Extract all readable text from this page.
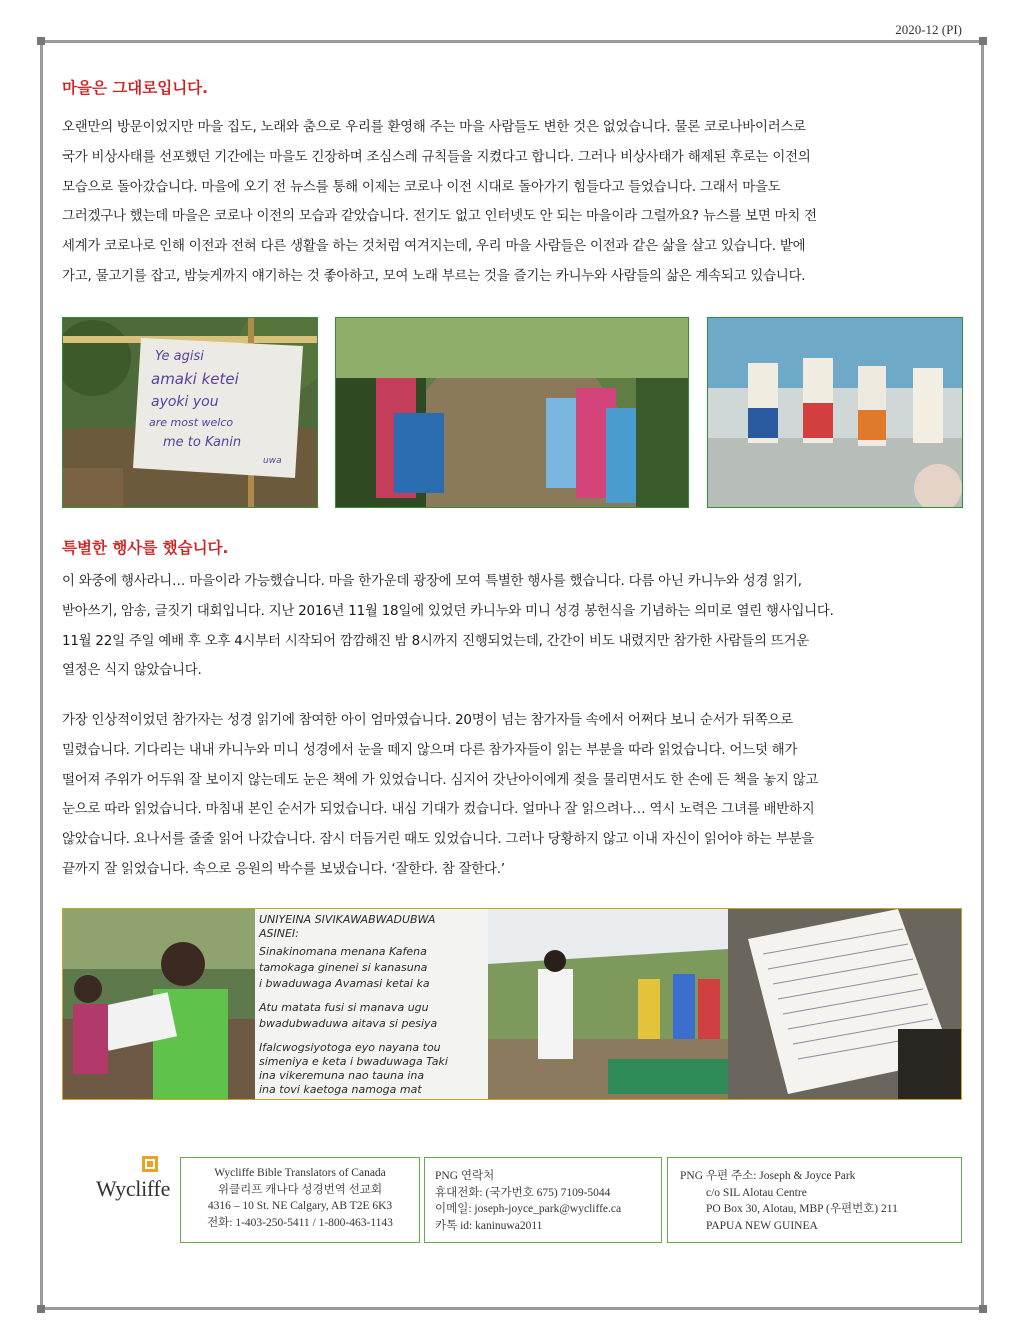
2020-12 (PI)
마을은 그대로입니다.
오랜만의 방문이었지만 마을 집도, 노래와 춤으로 우리를 환영해 주는 마을 사람들도 변한 것은 없었습니다. 물론 코로나바이러스로
국가 비상사태를 선포했던 기간에는 마을도 긴장하며 조심스레 규칙들을 지켰다고 합니다. 그러나 비상사태가 해제된 후로는 이전의
모습으로 돌아갔습니다. 마을에 오기 전 뉴스를 통해 이제는 코로나 이전 시대로 돌아가기 힘들다고 들었습니다. 그래서 마을도
그러겠구나 했는데 마을은 코로나 이전의 모습과 같았습니다. 전기도 없고 인터넷도 안 되는 마을이라 그럴까요? 뉴스를 보면 마치 전
세계가 코로나로 인해 이전과 전혀 다른 생활을 하는 것처럼 여겨지는데, 우리 마을 사람들은 이전과 같은 삶을 살고 있습니다. 밭에
가고, 물고기를 잡고, 밤늦게까지 얘기하는 것 좋아하고, 모여 노래 부르는 것을 즐기는 카니누와 사람들의 삶은 계속되고 있습니다.
Ye agisi
amaki ketei
ayoki you
are most welco
me to Kanin
uwa
특별한 행사를 했습니다.
이 와중에 행사라니… 마을이라 가능했습니다. 마을 한가운데 광장에 모여 특별한 행사를 했습니다. 다름 아닌 카니누와 성경 읽기,
받아쓰기, 암송, 글짓기 대회입니다. 지난 2016년 11월 18일에 있었던 카니누와 미니 성경 봉헌식을 기념하는 의미로 열린 행사입니다.
11월 22일 주일 예배 후 오후 4시부터 시작되어 깜깜해진 밤 8시까지 진행되었는데, 간간이 비도 내렸지만 참가한 사람들의 뜨거운
열정은 식지 않았습니다.
가장 인상적이었던 참가자는 성경 읽기에 참여한 아이 엄마였습니다. 20명이 넘는 참가자들 속에서 어쩌다 보니 순서가 뒤쪽으로
밀렸습니다. 기다리는 내내 카니누와 미니 성경에서 눈을 떼지 않으며 다른 참가자들이 읽는 부분을 따라 읽었습니다. 어느덧 해가
떨어져 주위가 어두워 잘 보이지 않는데도 눈은 책에 가 있었습니다. 심지어 갓난아이에게 젖을 물리면서도 한 손에 든 책을 놓지 않고
눈으로 따라 읽었습니다. 마침내 본인 순서가 되었습니다. 내심 기대가 컸습니다. 얼마나 잘 읽으려나… 역시 노력은 그녀를 배반하지
않았습니다. 요나서를 줄줄 읽어 나갔습니다. 잠시 더듬거린 때도 있었습니다. 그러나 당황하지 않고 이내 자신이 읽어야 하는 부분을
끝까지 잘 읽었습니다. 속으로 응원의 박수를 보냈습니다. ‘잘한다. 참 잘한다.’
UNIYEINA SIVIKAWABWADUBWA
ASINEI:
Sinakinomana menana Kafena
tamokaga ginenei si kanasuna
i bwaduwaga Avamasi ketai ka
Atu matata fusi si manava ugu
bwadubwaduwa aitava si pesiya
Ifalcwogsiyotoga eyo nayana tou
simeniya e keta i bwaduwaga Taki
ina vikeremuna nao tauna ina
ina tovi kaetoga namoga mat
Wycliffe
Wycliffe Bible Translators of Canada
위클리프 캐나다 성경번역 선교회
4316 – 10 St. NE Calgary, AB T2E 6K3
전화: 1-403-250-5411 / 1-800-463-1143
PNG 연락처
휴대전화: (국가번호 675) 7109-5044
이메일: joseph-joyce_park@wycliffe.ca
카톡 id: kaninuwa2011
PNG 우편 주소: Joseph & Joyce Park
c/o SIL Alotau Centre
PO Box 30, Alotau, MBP (우편번호) 211
PAPUA NEW GUINEA
